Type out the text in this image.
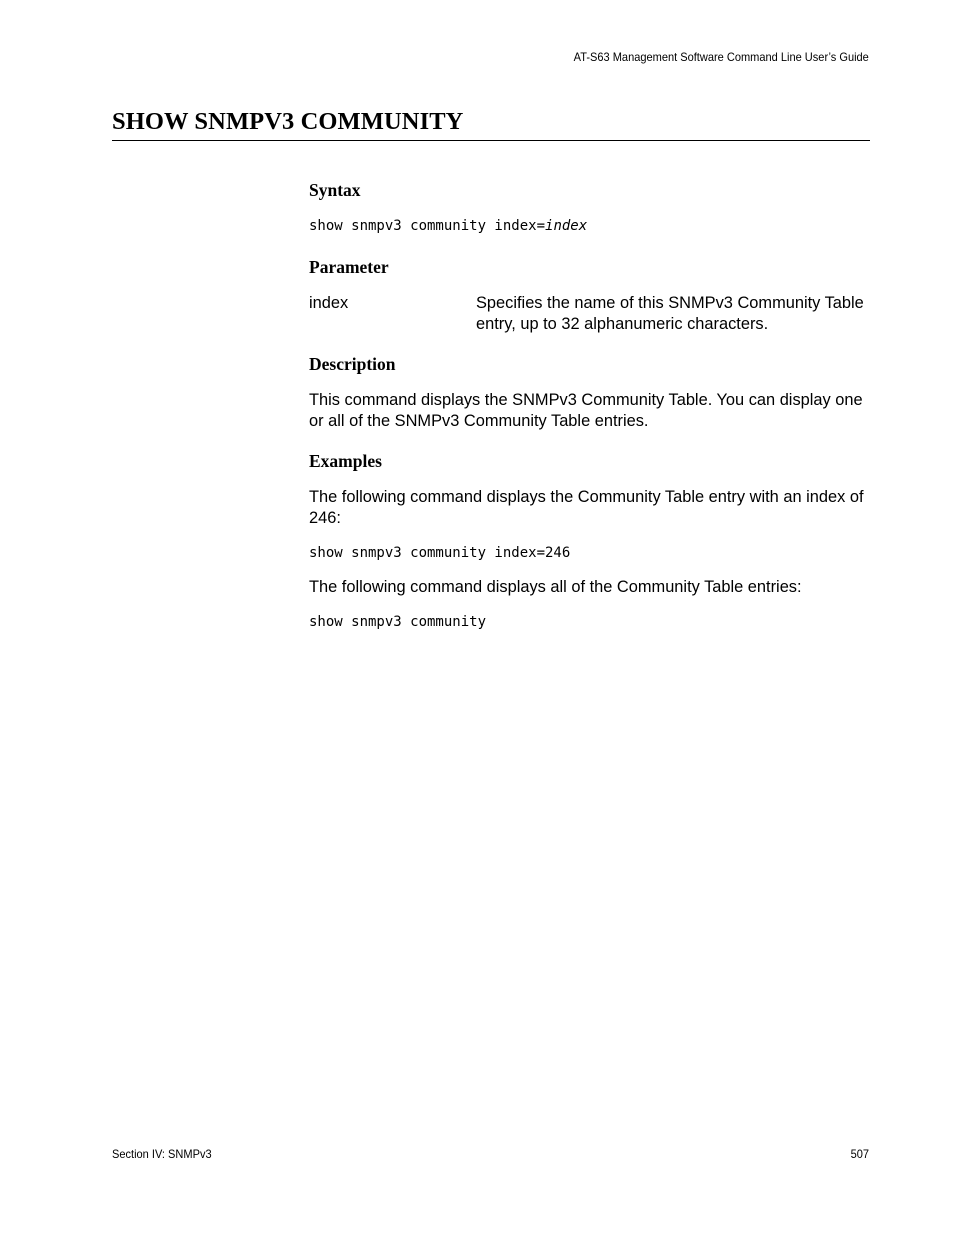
AT-S63 Management Software Command Line User’s Guide
SHOW SNMPV3 COMMUNITY
Syntax

show snmpv3 community index=index

Parameter
index	Specifies the name of this SNMPv3 Community Table entry, up to 32 alphanumeric characters.
Description

This command displays the SNMPv3 Community Table. You can display one or all of the SNMPv3 Community Table entries.

Examples

The following command displays the Community Table entry with an index of 246:

show snmpv3 community index=246

The following command displays all of the Community Table entries:

show snmpv3 community

Section IV: SNMPv3	507
